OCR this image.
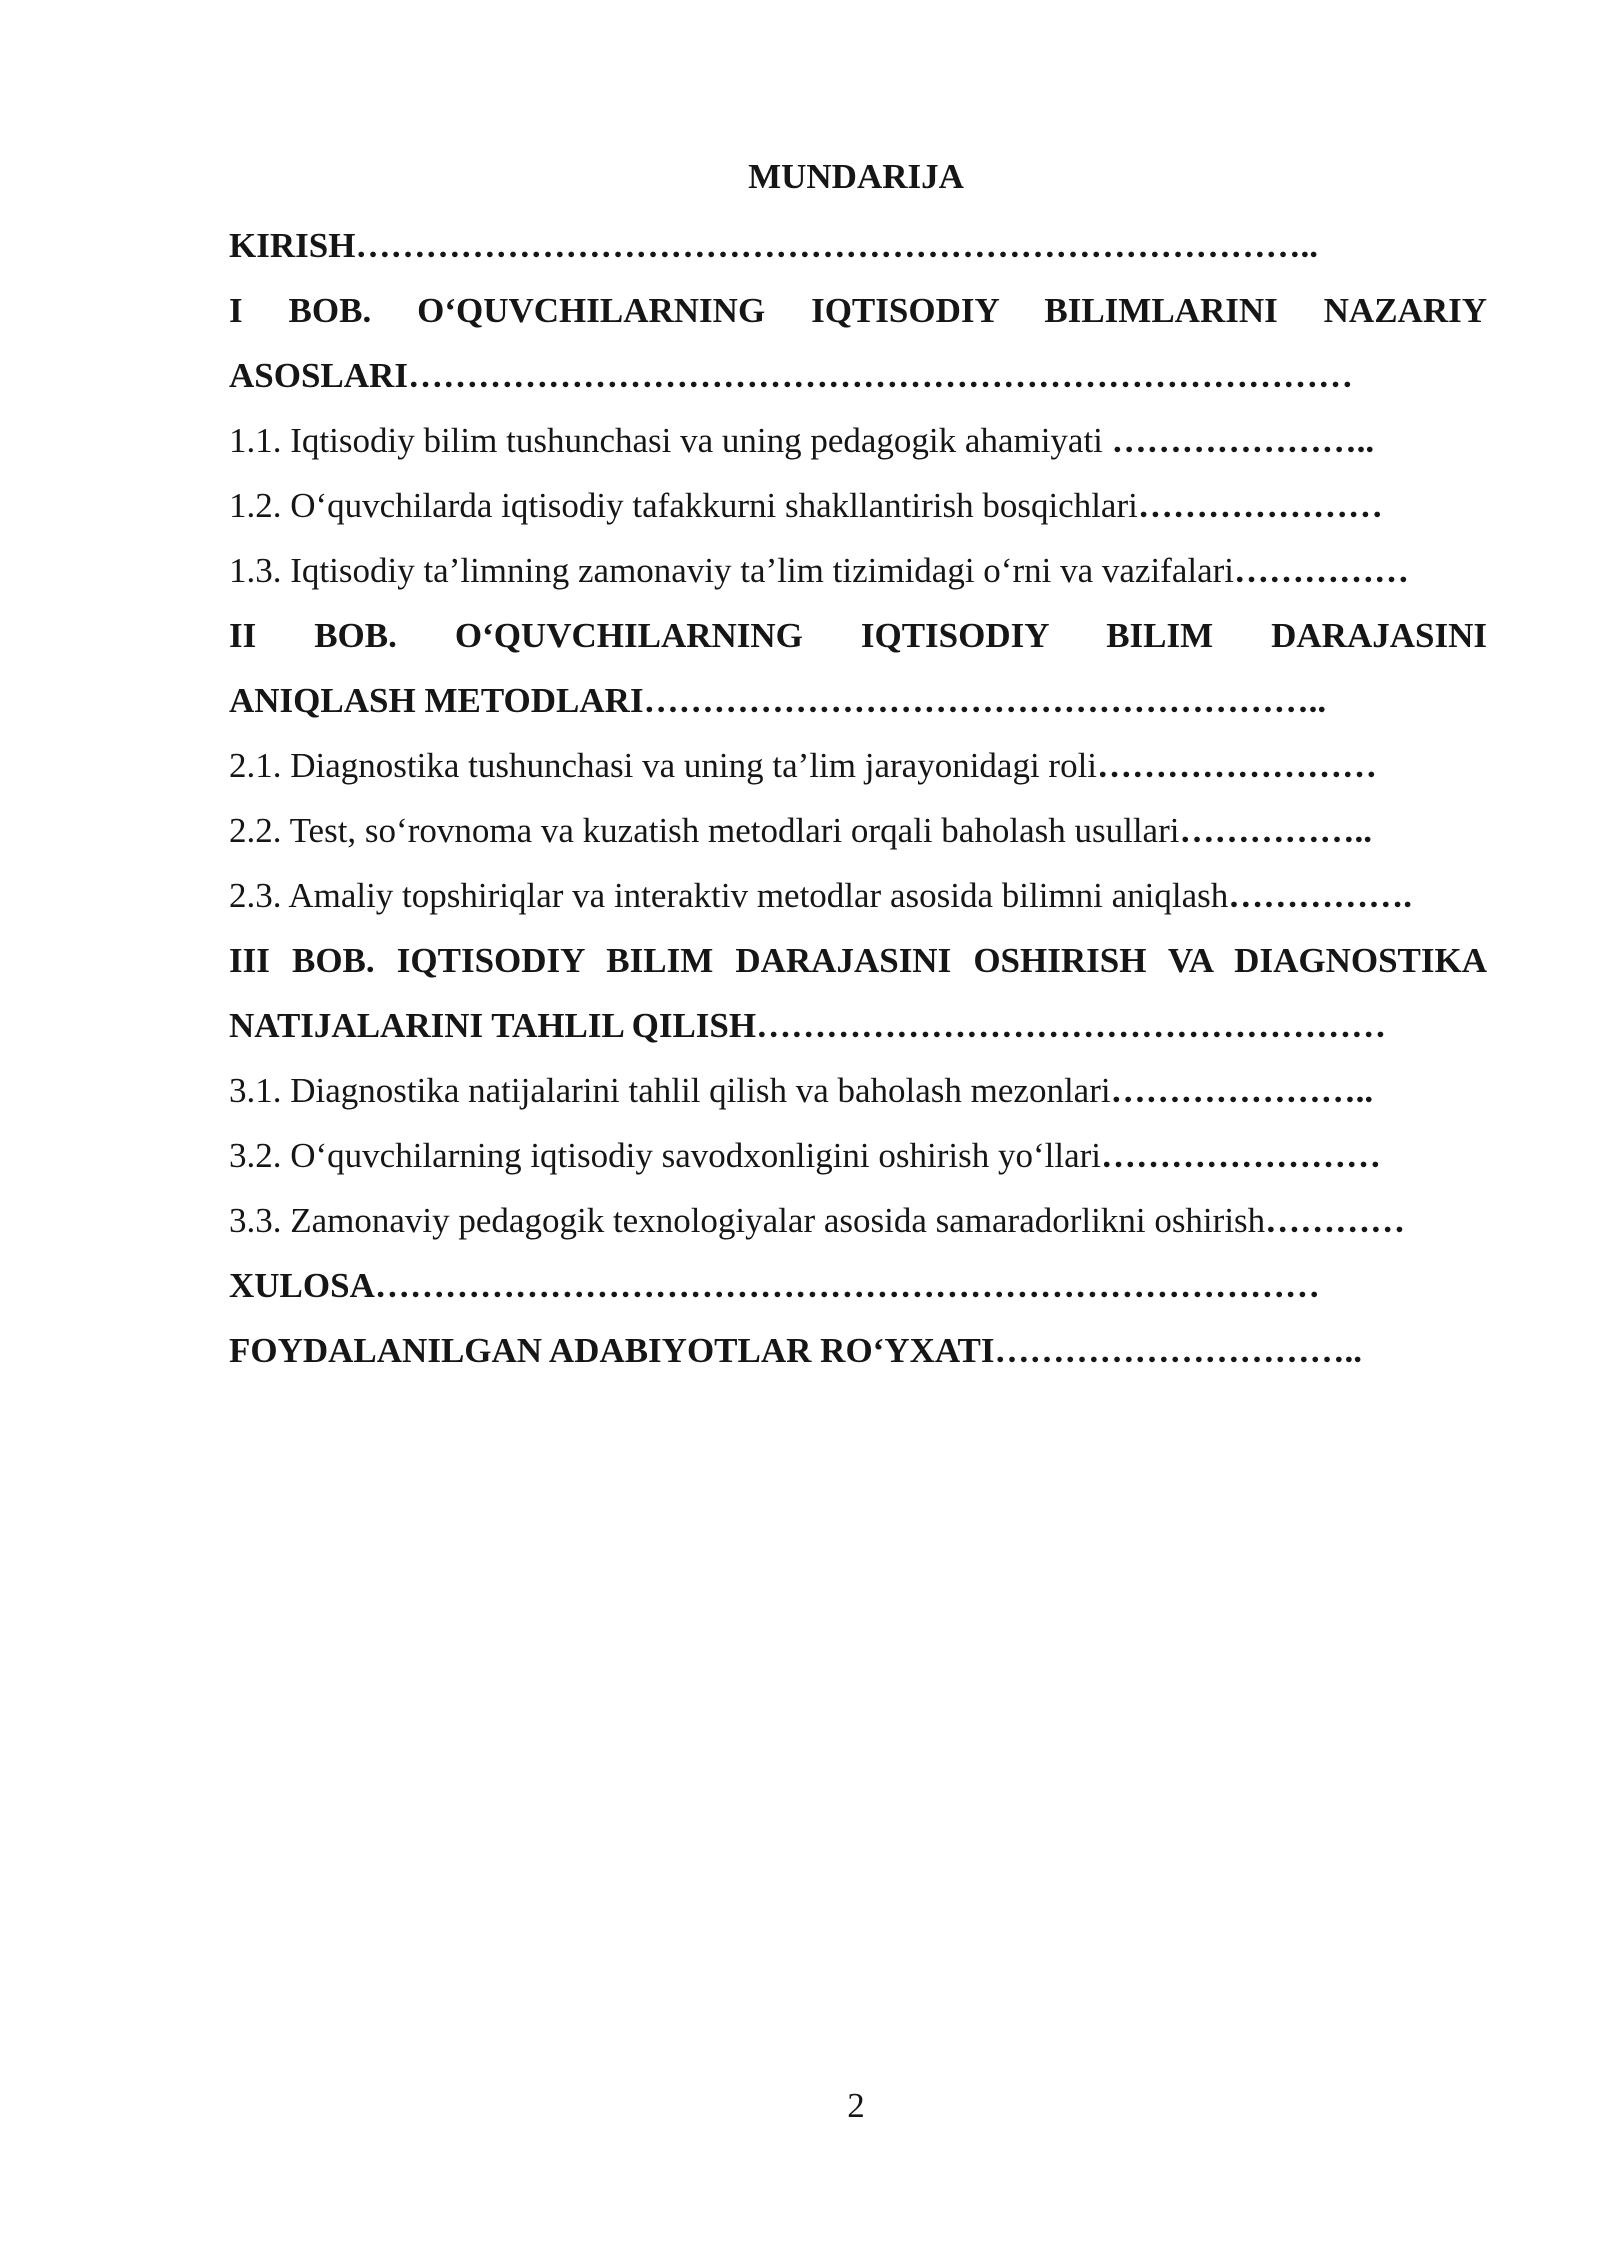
MUNDARIJA
KIRISH………………………………………………………………………..
I BOB. O‘QUVCHILARNING IQTISODIY BILIMLARINI NAZARIY
ASOSLARI………………………………………………………………………
1.1. Iqtisodiy bilim tushunchasi va uning pedagogik ahamiyati …………………..
1.2. O‘quvchilarda iqtisodiy tafakkurni shakllantirish bosqichlari…………………
1.3. Iqtisodiy ta’limning zamonaviy ta’lim tizimidagi o‘rni va vazifalari……………
II BOB. O‘QUVCHILARNING IQTISODIY BILIM DARAJASINI
ANIQLASH METODLARI…………………………………………………..
2.1. Diagnostika tushunchasi va uning ta’lim jarayonidagi roli……………………
2.2. Test, so‘rovnoma va kuzatish metodlari orqali baholash usullari……………..
2.3. Amaliy topshiriqlar va interaktiv metodlar asosida bilimni aniqlash…………….
III BOB. IQTISODIY BILIM DARAJASINI OSHIRISH VA DIAGNOSTIKA
NATIJALARINI TAHLIL QILISH………………………………………………
3.1. Diagnostika natijalarini tahlil qilish va baholash mezonlari…………………..
3.2. O‘quvchilarning iqtisodiy savodxonligini oshirish yo‘llari……………………
3.3. Zamonaviy pedagogik texnologiyalar asosida samaradorlikni oshirish…………
XULOSA………………………………………………………………………
FOYDALANILGAN ADABIYOTLAR RO‘YXATI…………………………..

2
